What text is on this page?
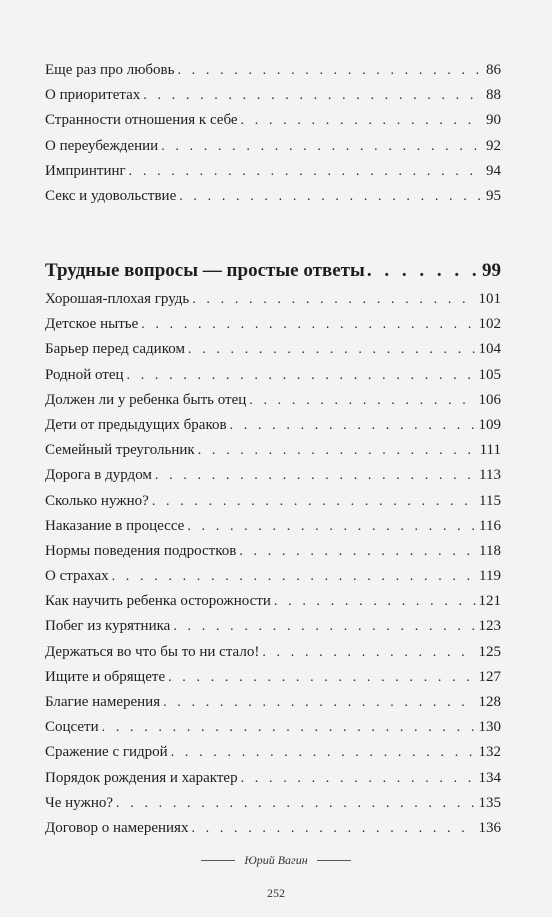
Еще раз про любовь . . .	86
О приоритетах . . .	88
Странности отношения к себе . . .	90
О переубеждении . . .	92
Импринтинг . . .	94
Секс и удовольствие . . .	95
Трудные вопросы — простые ответы . . .	99
Хорошая-плохая грудь . . .	101
Детское нытье . . .	102
Барьер перед садиком . . .	104
Родной отец . . .	105
Должен ли у ребенка быть отец . . .	106
Дети от предыдущих браков . . .	109
Семейный треугольник . . .	111
Дорога в дурдом . . .	113
Сколько нужно? . . .	115
Наказание в процессе . . .	116
Нормы поведения подростков . . .	118
О страхах . . .	119
Как научить ребенка осторожности . . .	121
Побег из курятника . . .	123
Держаться во что бы то ни стало! . . .	125
Ищите и обрящете . . .	127
Благие намерения . . .	128
Соцсети . . .	130
Сражение с гидрой . . .	132
Порядок рождения и характер . . .	134
Че нужно? . . .	135
Договор о намерениях . . .	136
Юрий Вагин
252
